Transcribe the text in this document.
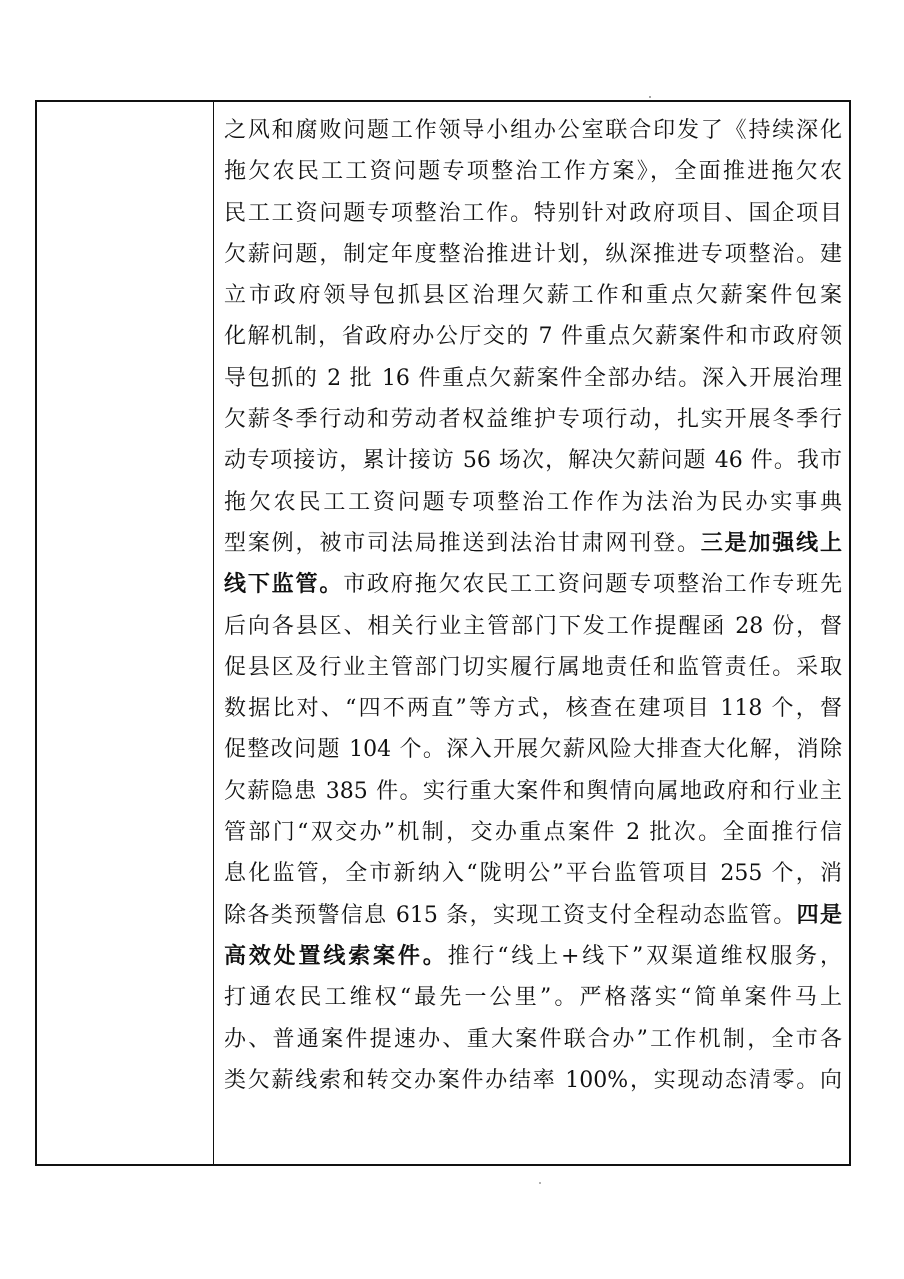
之风和腐败问题工作领导小组办公室联合印发了《持续深化
拖欠农民工工资问题专项整治工作方案》，全面推进拖欠农
民工工资问题专项整治工作。特别针对政府项目、国企项目
欠薪问题，制定年度整治推进计划，纵深推进专项整治。建
立市政府领导包抓县区治理欠薪工作和重点欠薪案件包案
化解机制，省政府办公厅交的 7 件重点欠薪案件和市政府领
导包抓的 2 批 16 件重点欠薪案件全部办结。深入开展治理
欠薪冬季行动和劳动者权益维护专项行动，扎实开展冬季行
动专项接访，累计接访 56 场次，解决欠薪问题 46 件。我市
拖欠农民工工资问题专项整治工作作为法治为民办实事典
型案例，被市司法局推送到法治甘肃网刊登。三是加强线上
线下监管。市政府拖欠农民工工资问题专项整治工作专班先
后向各县区、相关行业主管部门下发工作提醒函 28 份，督
促县区及行业主管部门切实履行属地责任和监管责任。采取
数据比对、“四不两直”等方式，核查在建项目 118 个，督
促整改问题 104 个。深入开展欠薪风险大排查大化解，消除
欠薪隐患 385 件。实行重大案件和舆情向属地政府和行业主
管部门“双交办”机制，交办重点案件 2 批次。全面推行信
息化监管，全市新纳入“陇明公”平台监管项目 255 个，消
除各类预警信息 615 条，实现工资支付全程动态监管。四是
高效处置线索案件。推行“线上+线下”双渠道维权服务，
打通农民工维权“最先一公里”。严格落实“简单案件马上
办、普通案件提速办、重大案件联合办”工作机制，全市各
类欠薪线索和转交办案件办结率 100%，实现动态清零。向
